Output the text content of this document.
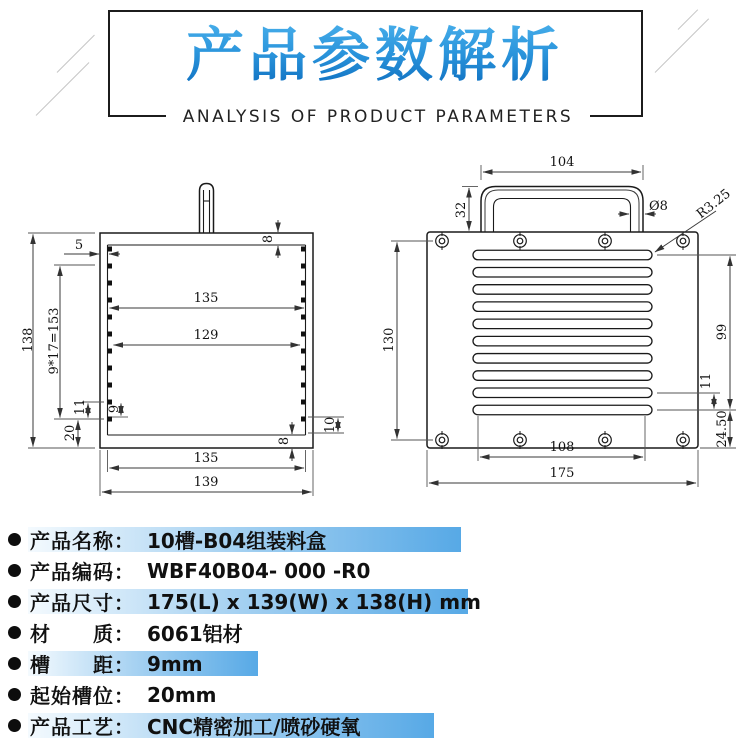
产品参数解析
ANALYSIS OF PRODUCT PARAMETERS
138
5
9*17=153
135
129
11 9
20	10
8
8
135
139
104
32	Ø8 R3.25
130	99
11
24.50
108
175
产品名称： 10槽-B04组装料盒
产品编码： WBF40B04- 000 -R0
产品尺寸： 175(L) x 139(W) x 138(H) mm
材　　质： 6061铝材
槽　　距： 9mm
起始槽位： 20mm
产品工艺： CNC精密加工/喷砂硬氧
